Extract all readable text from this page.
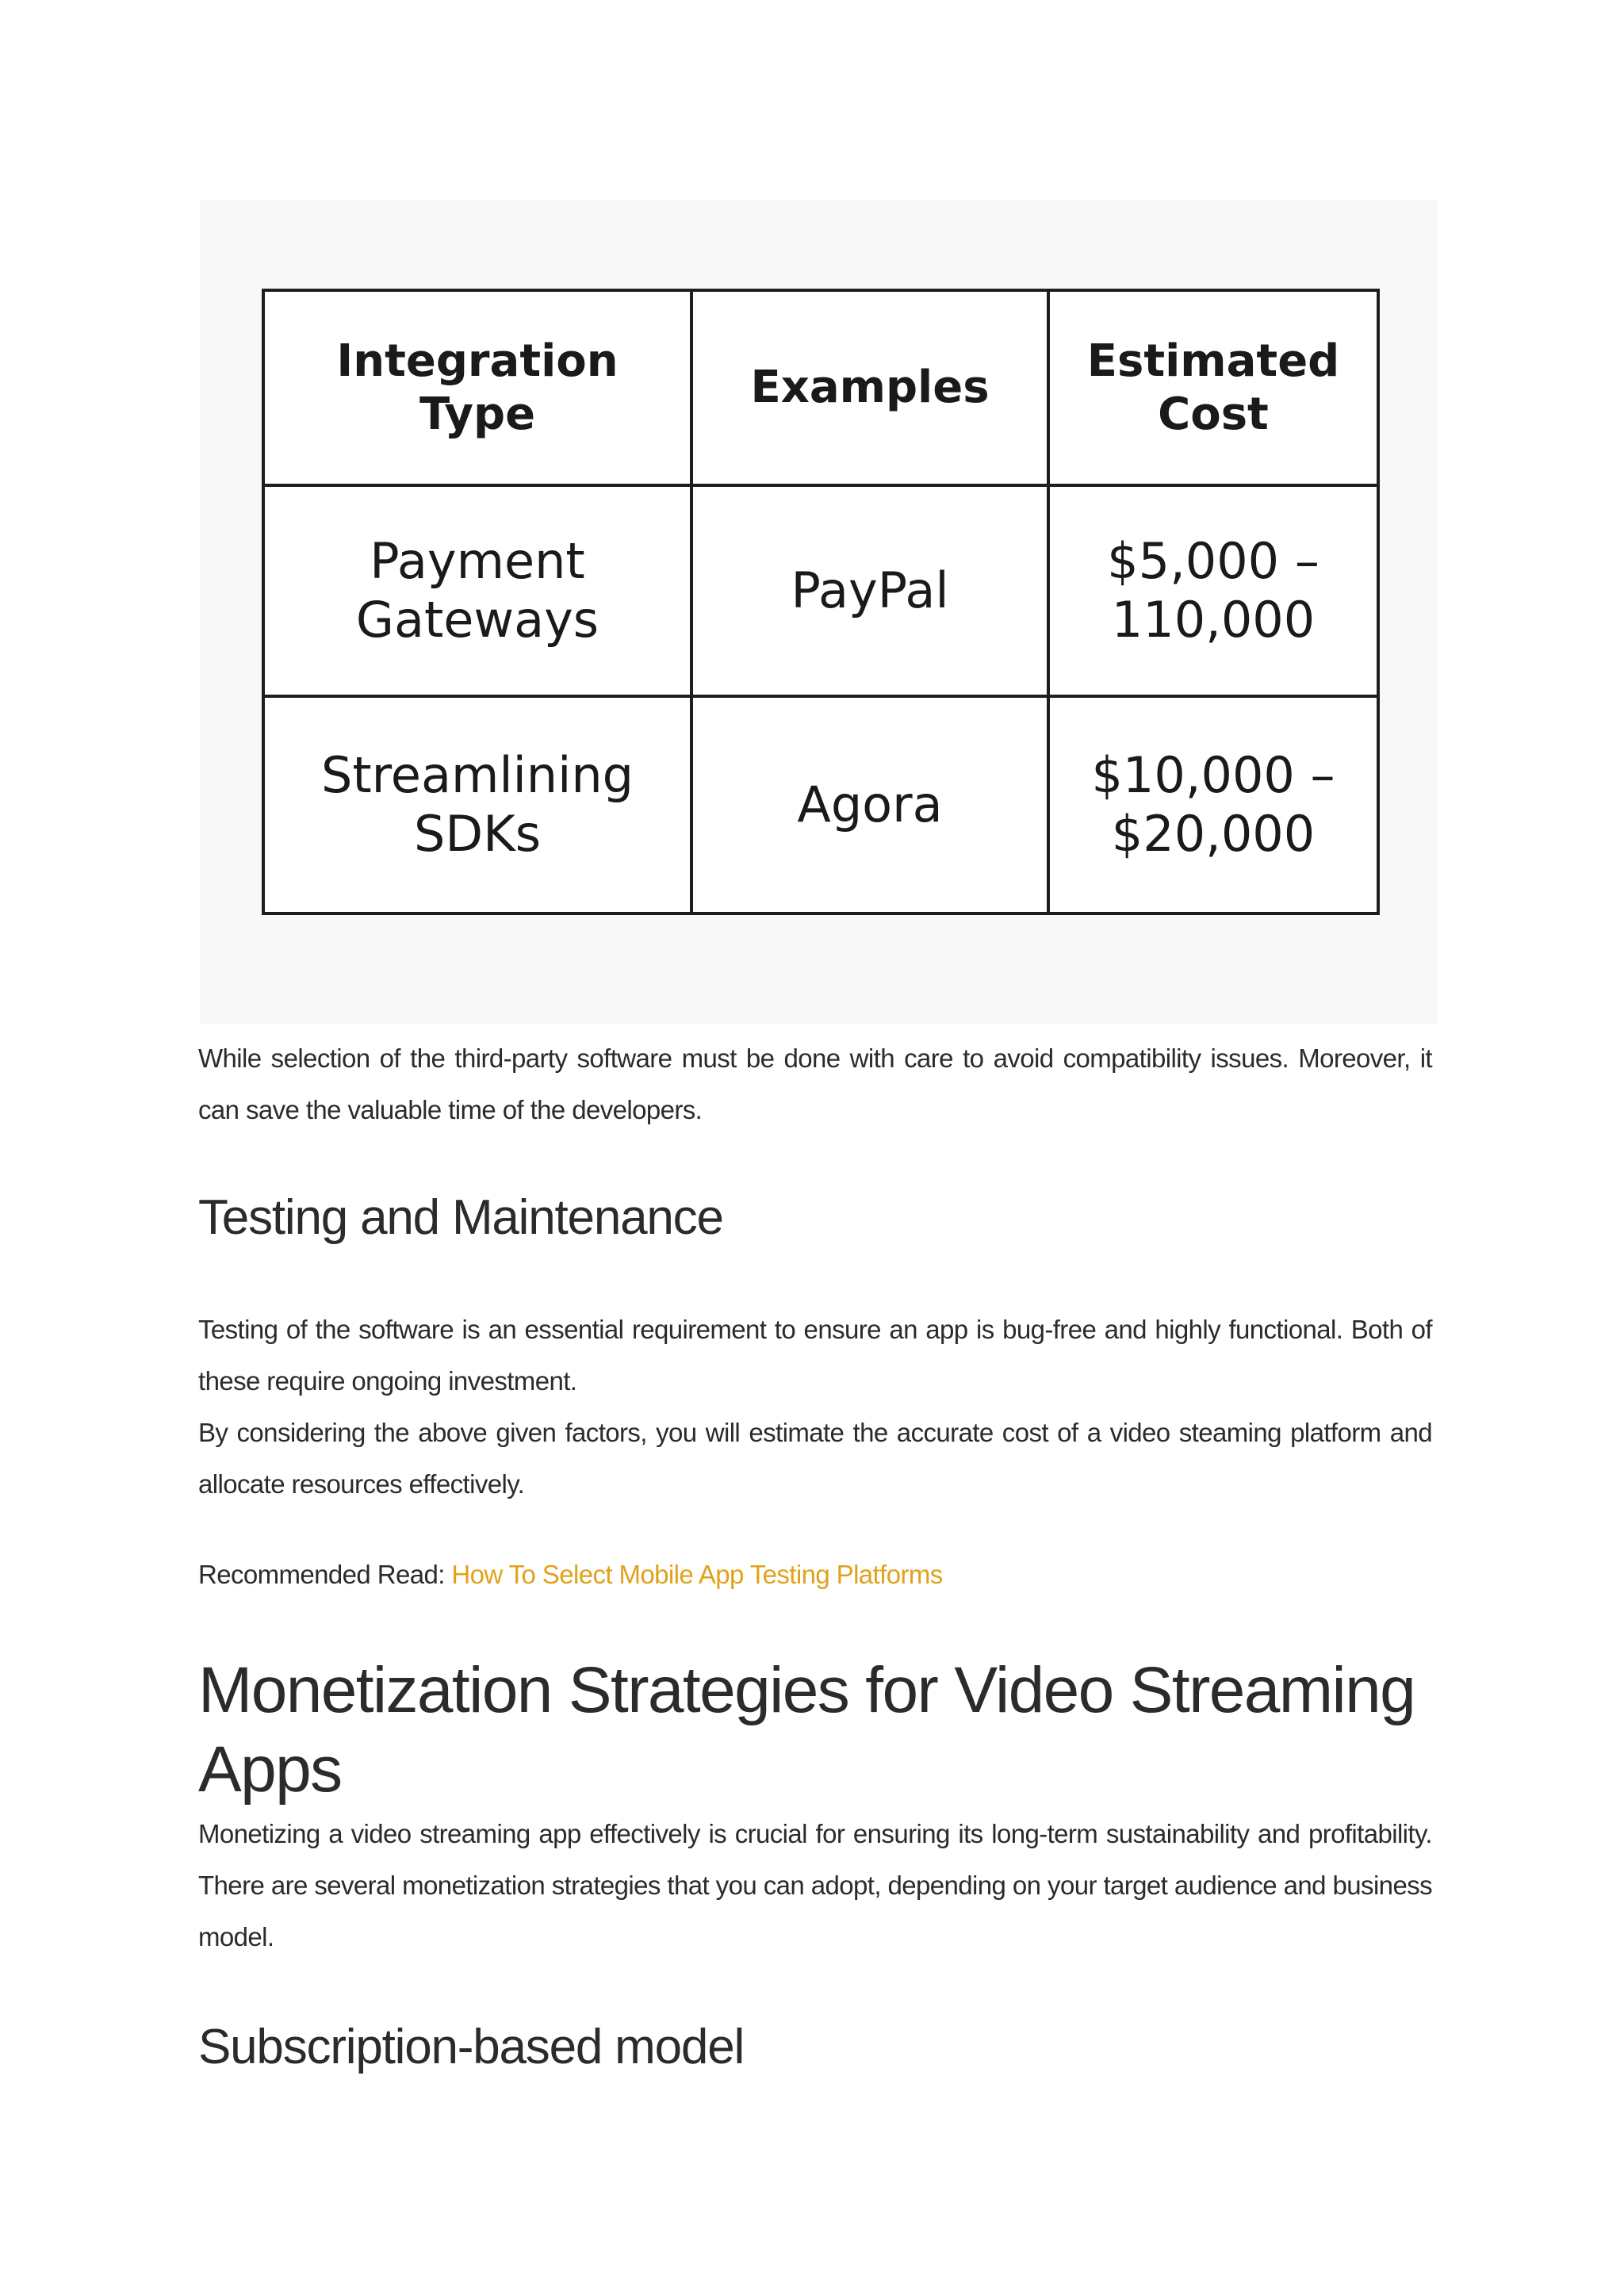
Integration Type	Examples	Estimated Cost
Payment Gateways	PayPal	$5,000 – 110,000
Streamlining SDKs	Agora	$10,000 – $20,000

While selection of the third-party software must be done with care to avoid compatibility issues. Moreover, it can save the valuable time of the developers.

Testing and Maintenance

Testing of the software is an essential requirement to ensure an app is bug-free and highly functional. Both of these require ongoing investment.

By considering the above given factors, you will estimate the accurate cost of a video steaming platform and allocate resources effectively.

Recommended Read: How To Select Mobile App Testing Platforms

Monetization Strategies for Video Streaming Apps

Monetizing a video streaming app effectively is crucial for ensuring its long-term sustainability and profitability. There are several monetization strategies that you can adopt, depending on your target audience and business model.

Subscription-based model
